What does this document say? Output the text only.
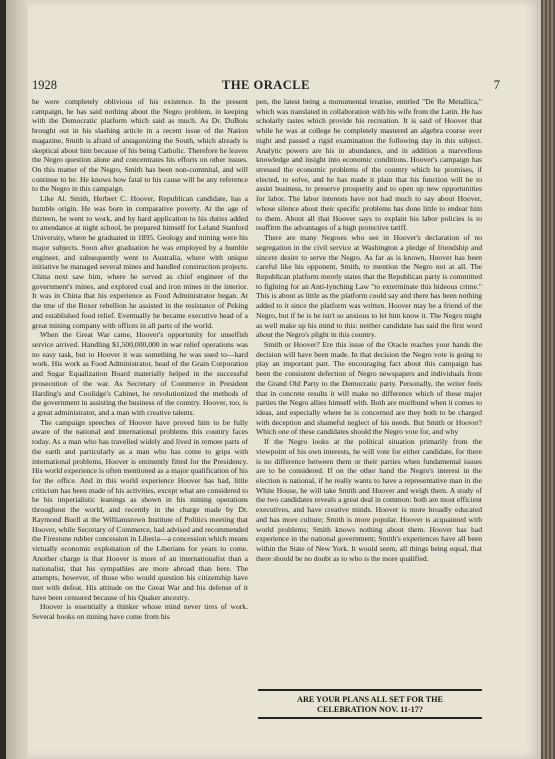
1928	THE ORACLE	7

he were completely oblivious of his existence. In the present campaign, he has said nothing about the Negro problem, in keeping with the Democratic platform which said as much. As Dr. DuBois brought out in his slashing article in a recent issue of the Nation magazine, Smith is afraid of antagonizing the South, which already is skeptical about him because of his being Catholic. Therefore he leaves the Negro question alone and concentrates his efforts on other issues. On this matter of the Negro, Smith has been non-commital, and will continue to be. He knows how fatal to his cause will be any reference to the Negro in this campaign.

Like Al. Smith, Herbert C. Hoover, Republican candidate, has a humble origin. He was born in comparative poverty. At the age of thirteen, he went to work, and by hard application to his duties added to attendance at night school, he prepared himself for Leland Stanford University, where he graduated in 1895. Geology and mining were his major subjects. Soon after graduation he was employed by a humble engineer, and subsequently went to Australia, where with unique initiative he managed several mines and handled construction projects. China next saw him, where he served as chief engineer of the government's mines, and explored coal and iron mines in the interior. It was in China that his experience as Food Administrator began. At the tme of the Boxer rebellion he assisted in the resistance of Peking and established food relief. Eventually he became executive head of a great mining company with offices in all parts of the world.

When the Great War came, Hoover's opportunity for unselfish service arrived. Handling $1,500,000,000 in war relief operations was no easy task, but to Hoover it was something he was used to—hard work. His work as Food Administrator, head of the Grain Corporation and Sugar Equalization Board materially helped in the successful prosecution of the war. As Secretary of Commerce in President Harding's and Coolidge's Cabinet, he revolutionized the methods of the government in assisting the business of the country. Hoover, too, is a great administrator, and a man with creative talents.

The campaign speeches of Hoover have proved him to be fully aware of the national and international problems this country faces today. As a man who has travelled widely and lived in remote parts of the earth and particularly as a man who has come to grips with international problems, Hoover is eminently fitted for the Presidency. His world experience is often mentioned as a major qualification of his for the office. And in this world experience Hoover has had, little criticism has been made of his activities, except what are considered to be his imperialistic leanings as shown in his mining operations throughout the world, and recently in the charge made by Dr. Raymond Buell at the Williamstown Institute of Politics meeting that Hoover, while Secretary of Commerce, had advised and recommended the Firestone rubber concession in Liberia—a concession which means virtually economic exploitation of the Liberians for years to come. Another charge is that Hoover is more of an internationalist than a nationalist, that his sympathies are more abroad than here. The attempts, however, of those who would question his citizenship have met with defeat. His attitude on the Great War and his defense of it have been censured because of his Quaker ancestry.

Hoover is essentially a thinker whose mind never tires of work. Several books on mining have come from his

pen, the latest being a monumental treatise, entitled "De Re Metallica," which was translated in collaboration with his wife from the Latin. He has scholarly tastes which provide his recreation. It is said of Hoover that while he was at college he completely mastered an algebra course over night and passed a rigid examination the following day in this subject. Analytic powers are his in abundance, and in addition a marvellous knowledge and insight into economic conditions. Hoover's campaign has stressed the economic problems of the country which he promises, if elected, to solve, and he has made it plain that his function will be to assist business, to preserve prosperity and to open up new opportunities for labor. The labor interests have not had much to say about Hoover, whose silence about their specific problems has done little to endear him to them. About all that Hoover says to explain his labor policies is to reaffirm the advantages of a high protective tariff.

There are many Negroes who see in Hoover's declaration of no segregation in the civil service at Washington a pledge of friendship and sincere desire to serve the Negro. As far as is known, Hoover has been careful like his opponent, Smith, to mention the Negro not at all. The Republican platform merely states that the Republican party is committed to fighting for an Anti-lynching Law "to exterminate this hideous crime." This is about as little as the platform could say and there has been nothing added to it since the platform was written. Hoover may be a friend of the Negro, but if he is he isn't so anxious to let him know it. The Negro might as well make up his mind to this: neither candidate has said the first word about the Negro's plight in this country.

Smith or Hoover? Ere this issue of the Oracle reaches your hands the decision will have been made. In that decision the Negro vote is going to play an important part. The encouraging fact about this campaign has been the consistent defection of Negro newspapers and individuals from the Grand Old Party to the Democratic party. Personally, the writer feels that in concrete results it will make no difference which of these major parties the Negro allies himself with. Both are moribund when it comes to ideas, and especially where he is concerned are they both to be charged with deception and shameful neglect of his needs. But Smith or Hoover? Which one of these candidates should the Negro vote for, and why

If the Negro looks at the political situation primarily from the viewpoint of his own interests, he will vote for either candidate, for there is no difference between them or their parties when fundamental issues are to be considered. If on the other hand the Negro's interest in the election is national, if he really wants to have a representative man in the White House, he will take Smith and Hoover and weigh them. A study of the two candidates reveals a great deal in common: both are most efficient executives, and have creative minds. Hoover is more broadly educated and has more culture; Smith is more popular. Hoover is acquainted with world problems; Smith knows nothing about them. Hoover has had experience in the national government; Smith's experiences have all been within the State of New York. It would seem, all things being equal, that there should be no doubt as to who is the more qualified.

ARE YOUR PLANS ALL SET FOR THE
CELEBRATION NOV. 11-17?
